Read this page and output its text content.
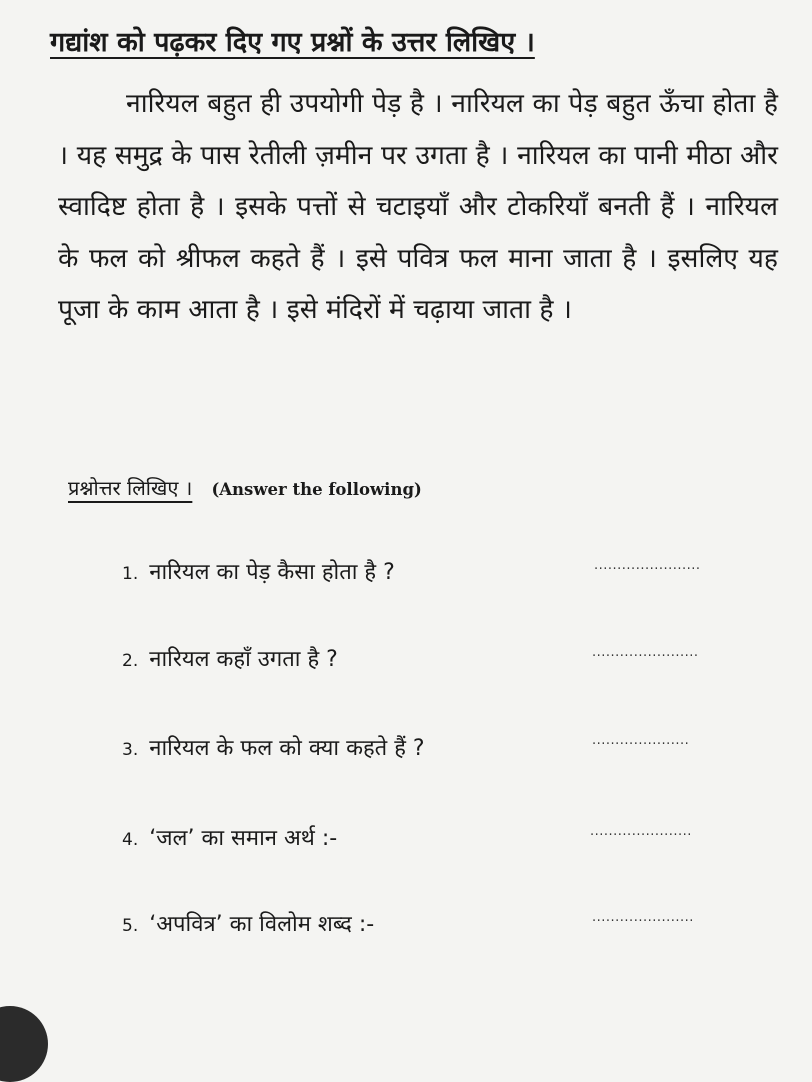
गद्यांश को पढ़कर दिए गए प्रश्नों के उत्तर लिखिए ।

नारियल बहुत ही उपयोगी पेड़ है । नारियल का पेड़ बहुत ऊँचा होता है । यह समुद्र के पास रेतीली ज़मीन पर उगता है । नारियल का पानी मीठा और स्वादिष्ट होता है । इसके पत्तों से चटाइयाँ और टोकरियाँ बनती हैं । नारियल के फल को श्रीफल कहते हैं । इसे पवित्र फल माना जाता है । इसलिए यह पूजा के काम आता है । इसे मंदिरों में चढ़ाया जाता है ।

प्रश्नोत्तर लिखिए । (Answer the following)
1. नारियल का पेड़ कैसा होता है ?	.......................
2. नारियल कहाँ उगता है ?	.......................
3. नारियल के फल को क्या कहते हैं ?	.....................
4. ‘जल’ का समान अर्थ :-	......................
5. ‘अपवित्र’ का विलोम शब्द :-	......................
